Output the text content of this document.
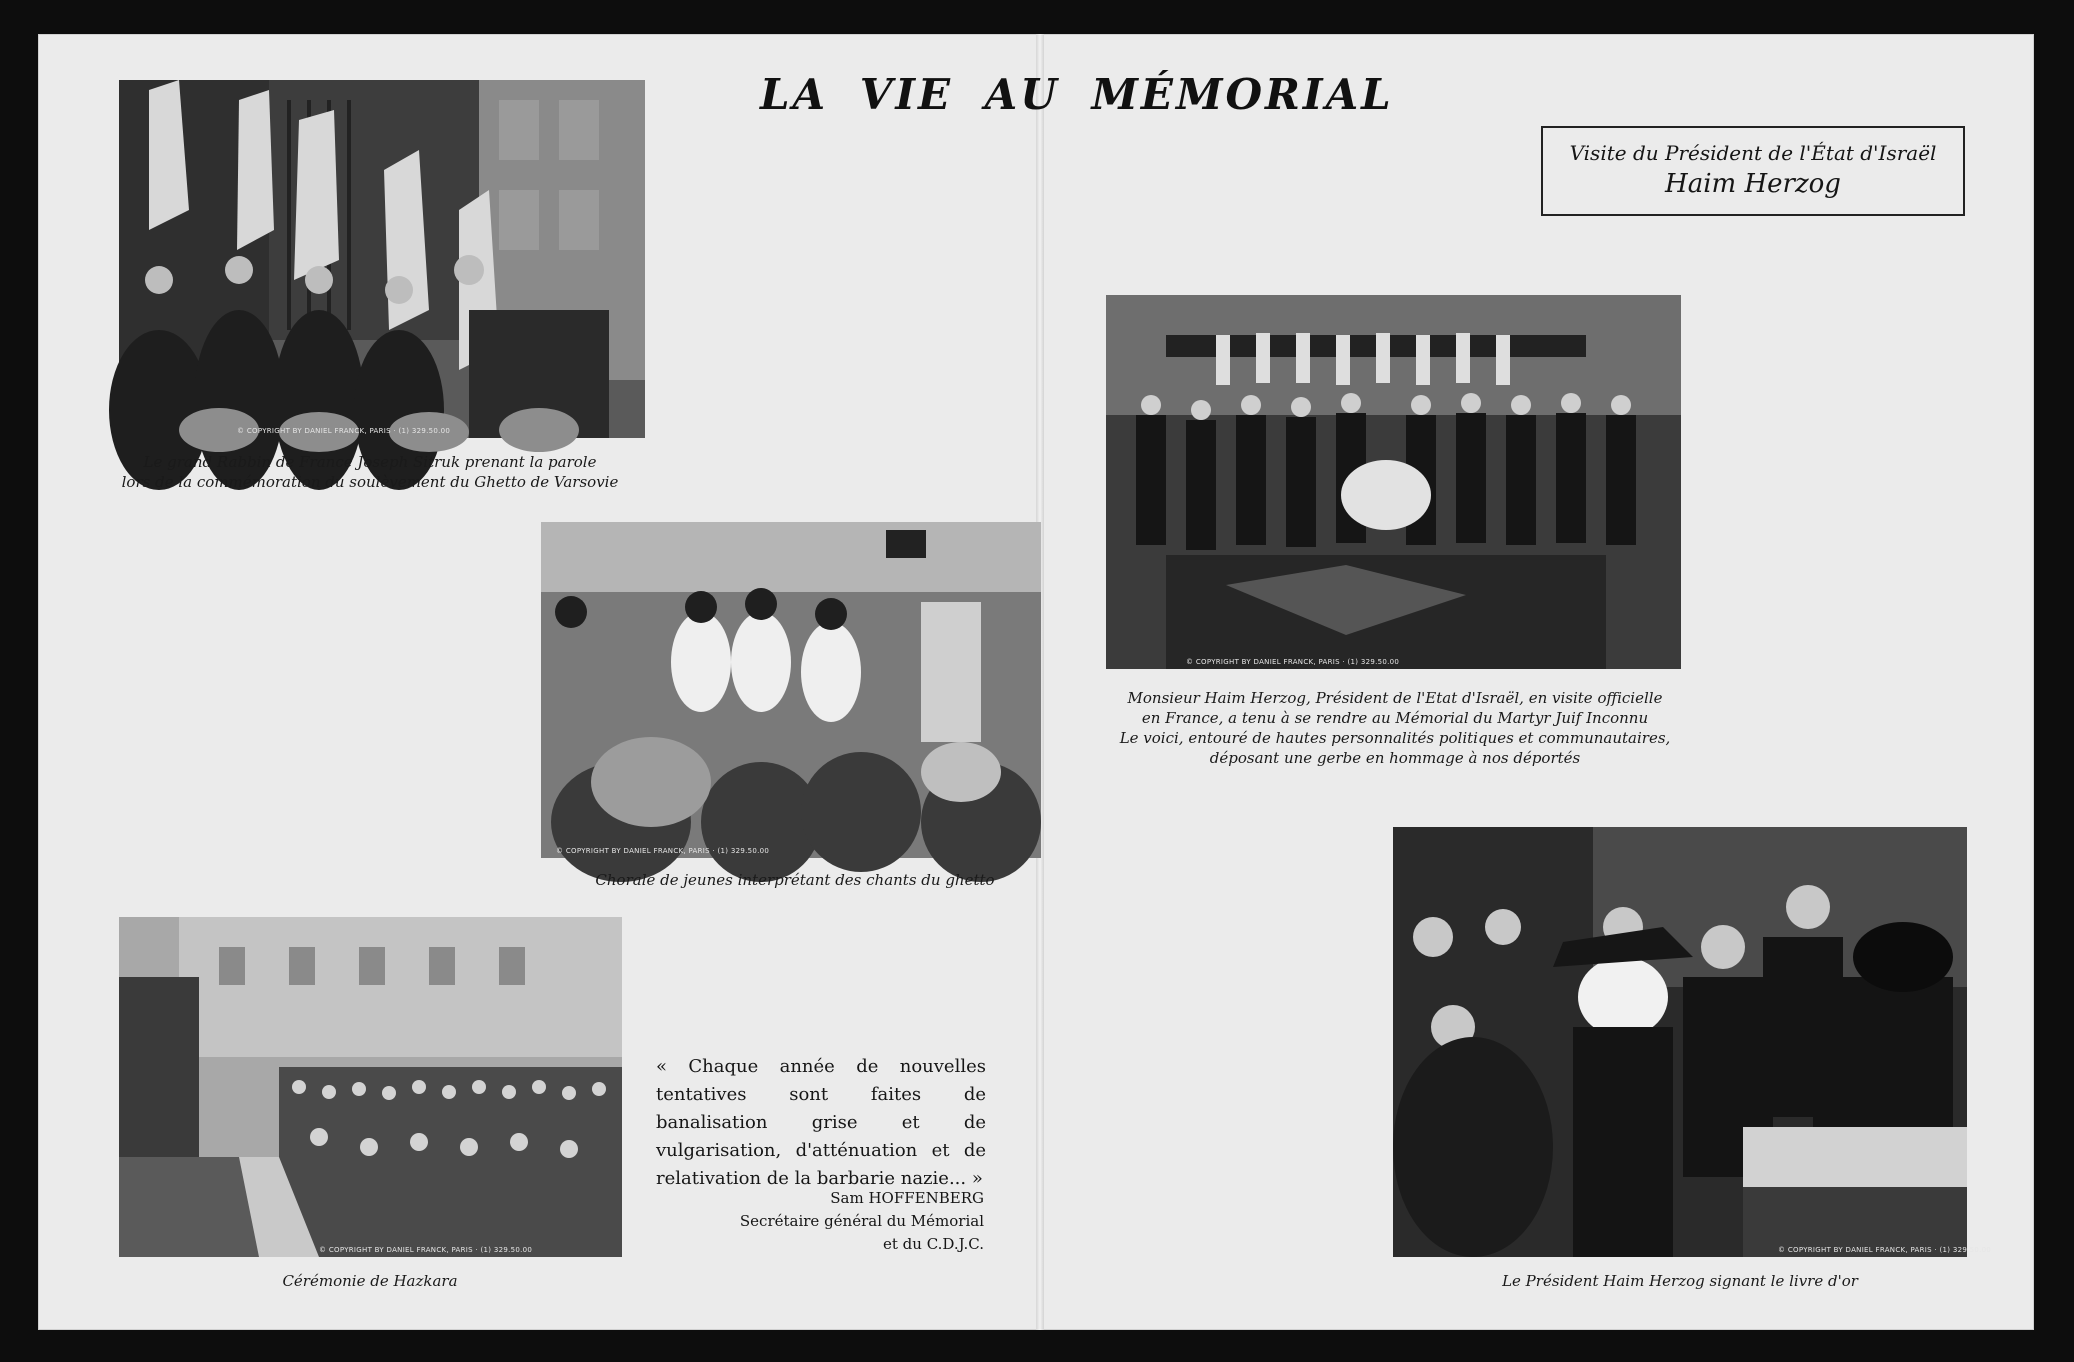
LA VIE AU MÉMORIAL
Visite du Président de l'État d'Israël
Haim Herzog
© COPYRIGHT BY DANIEL FRANCK, PARIS · (1) 329.50.00
Le grand Rabbin de France Joseph Sitruk prenant la parole
lors de la commémoration du soulèvement du Ghetto de Varsovie
© COPYRIGHT BY DANIEL FRANCK, PARIS · (1) 329.50.00
Chorale de jeunes interprétant des chants du ghetto
© COPYRIGHT BY DANIEL FRANCK, PARIS · (1) 329.50.00
Cérémonie de Hazkara
« Chaque année de nouvelles tentatives sont faites de banalisation grise et de vulgarisation, d'atténuation et de relativation de la barbarie nazie... »
Sam HOFFENBERG
Secrétaire général du Mémorial
et du C.D.J.C.
© COPYRIGHT BY DANIEL FRANCK, PARIS · (1) 329.50.00
Monsieur Haim Herzog, Président de l'Etat d'Israël, en visite officielle
en France, a tenu à se rendre au Mémorial du Martyr Juif Inconnu
Le voici, entouré de hautes personnalités politiques et communautaires,
déposant une gerbe en hommage à nos déportés
© COPYRIGHT BY DANIEL FRANCK, PARIS · (1) 329.50.00
Le Président Haim Herzog signant le livre d'or
